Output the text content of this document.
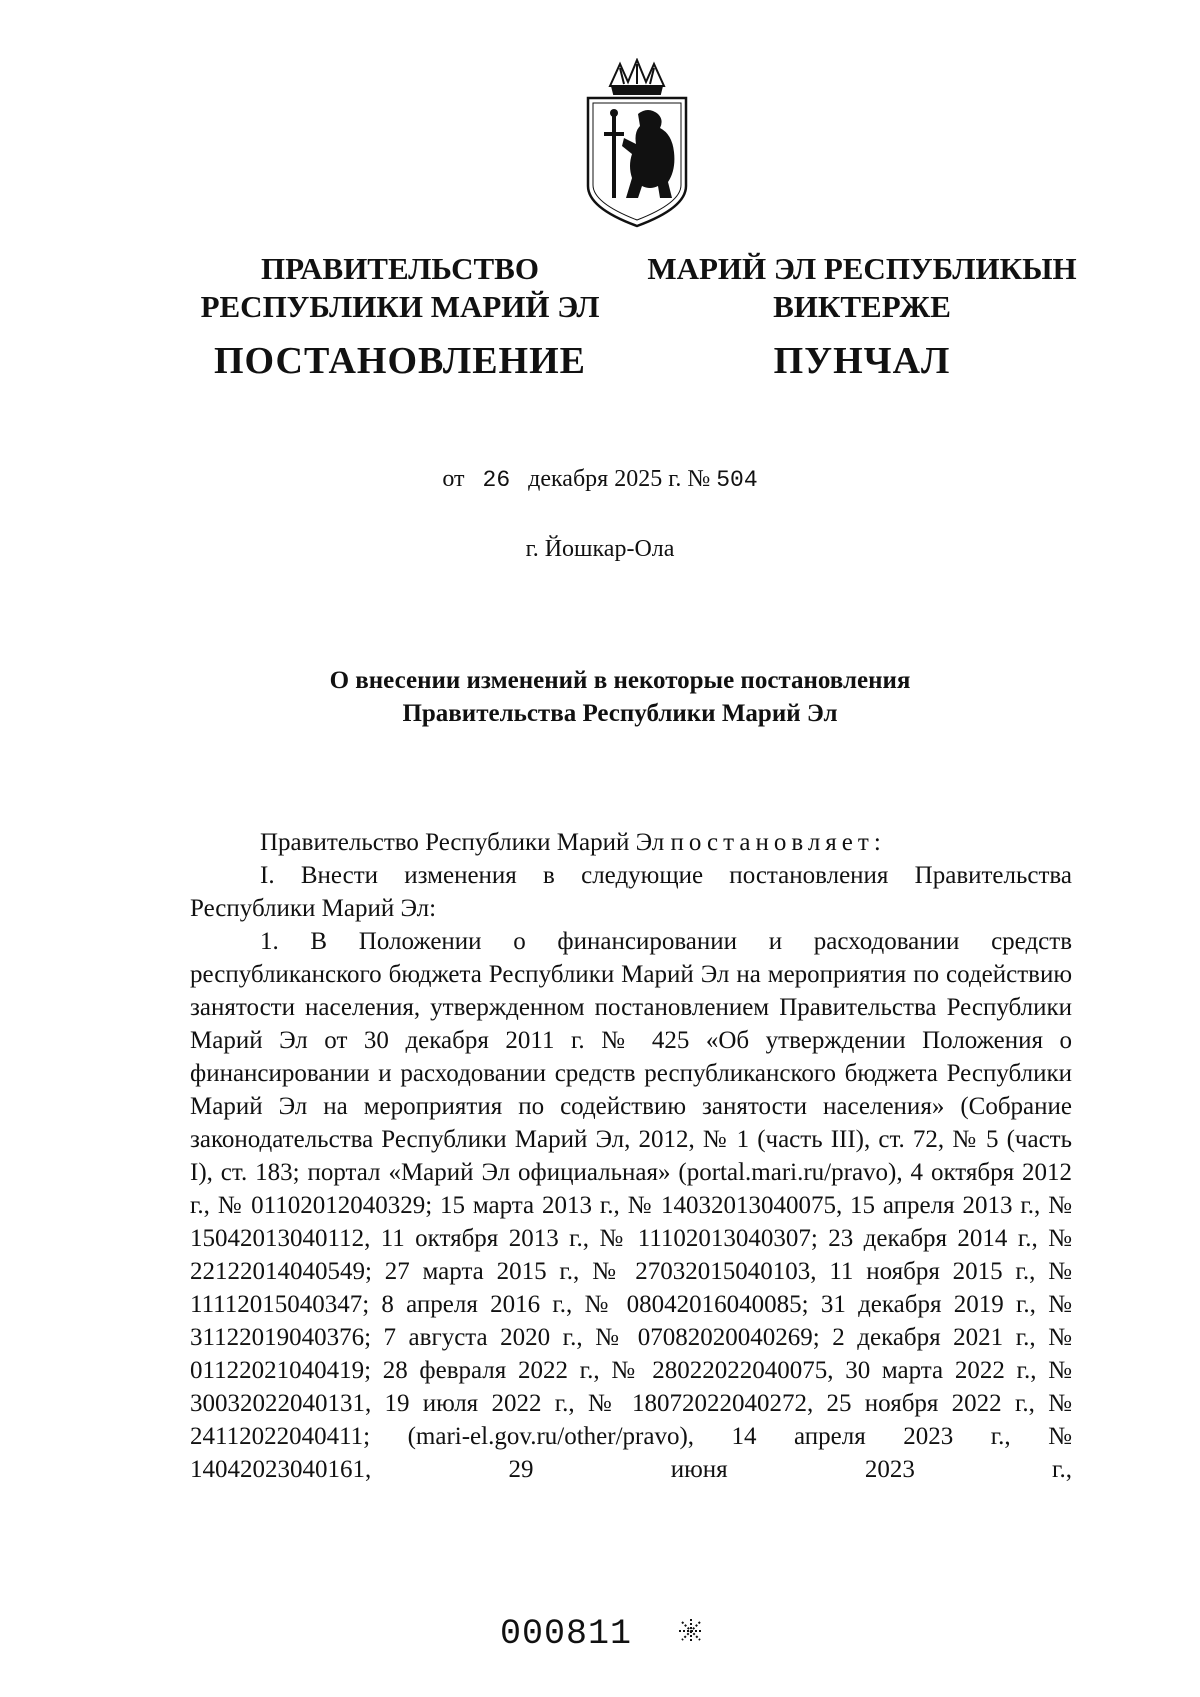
ПРАВИТЕЛЬСТВО
РЕСПУБЛИКИ МАРИЙ ЭЛ
ПОСТАНОВЛЕНИЕ
МАРИЙ ЭЛ РЕСПУБЛИКЫН
ВИКТЕРЖЕ
ПУНЧАЛ
от 26 декабря 2025 г. № 504
г. Йошкар-Ола
О внесении изменений в некоторые постановления
Правительства Республики Марий Эл

Правительство Республики Марий Эл постановляет:

I. Внести изменения в следующие постановления Правительства Республики Марий Эл:

1. В Положении о финансировании и расходовании средств республиканского бюджета Республики Марий Эл на мероприятия по содействию занятости населения, утвержденном постановлением Правительства Республики Марий Эл от 30 декабря 2011 г. № 425 «Об утверждении Положения о финансировании и расходовании средств республиканского бюджета Республики Марий Эл на мероприятия по содействию занятости населения» (Собрание законодательства Республики Марий Эл, 2012, № 1 (часть III), ст. 72, № 5 (часть I), ст. 183; портал «Марий Эл официальная» (portal.mari.ru/pravo), 4 октября 2012 г., № 01102012040329; 15 марта 2013 г., № 14032013040075, 15 апреля 2013 г., № 15042013040112, 11 октября 2013 г., № 11102013040307; 23 декабря 2014 г., № 22122014040549; 27 марта 2015 г., № 27032015040103, 11 ноября 2015 г., № 11112015040347; 8 апреля 2016 г., № 08042016040085; 31 декабря 2019 г., № 31122019040376; 7 августа 2020 г., № 07082020040269; 2 декабря 2021 г., № 01122021040419; 28 февраля 2022 г., № 28022022040075, 30 марта 2022 г., № 30032022040131, 19 июля 2022 г., № 18072022040272, 25 ноября 2022 г., № 24112022040411; (mari-el.gov.ru/other/pravo), 14 апреля 2023 г., № 14042023040161, 29 июня 2023 г.,

000811
